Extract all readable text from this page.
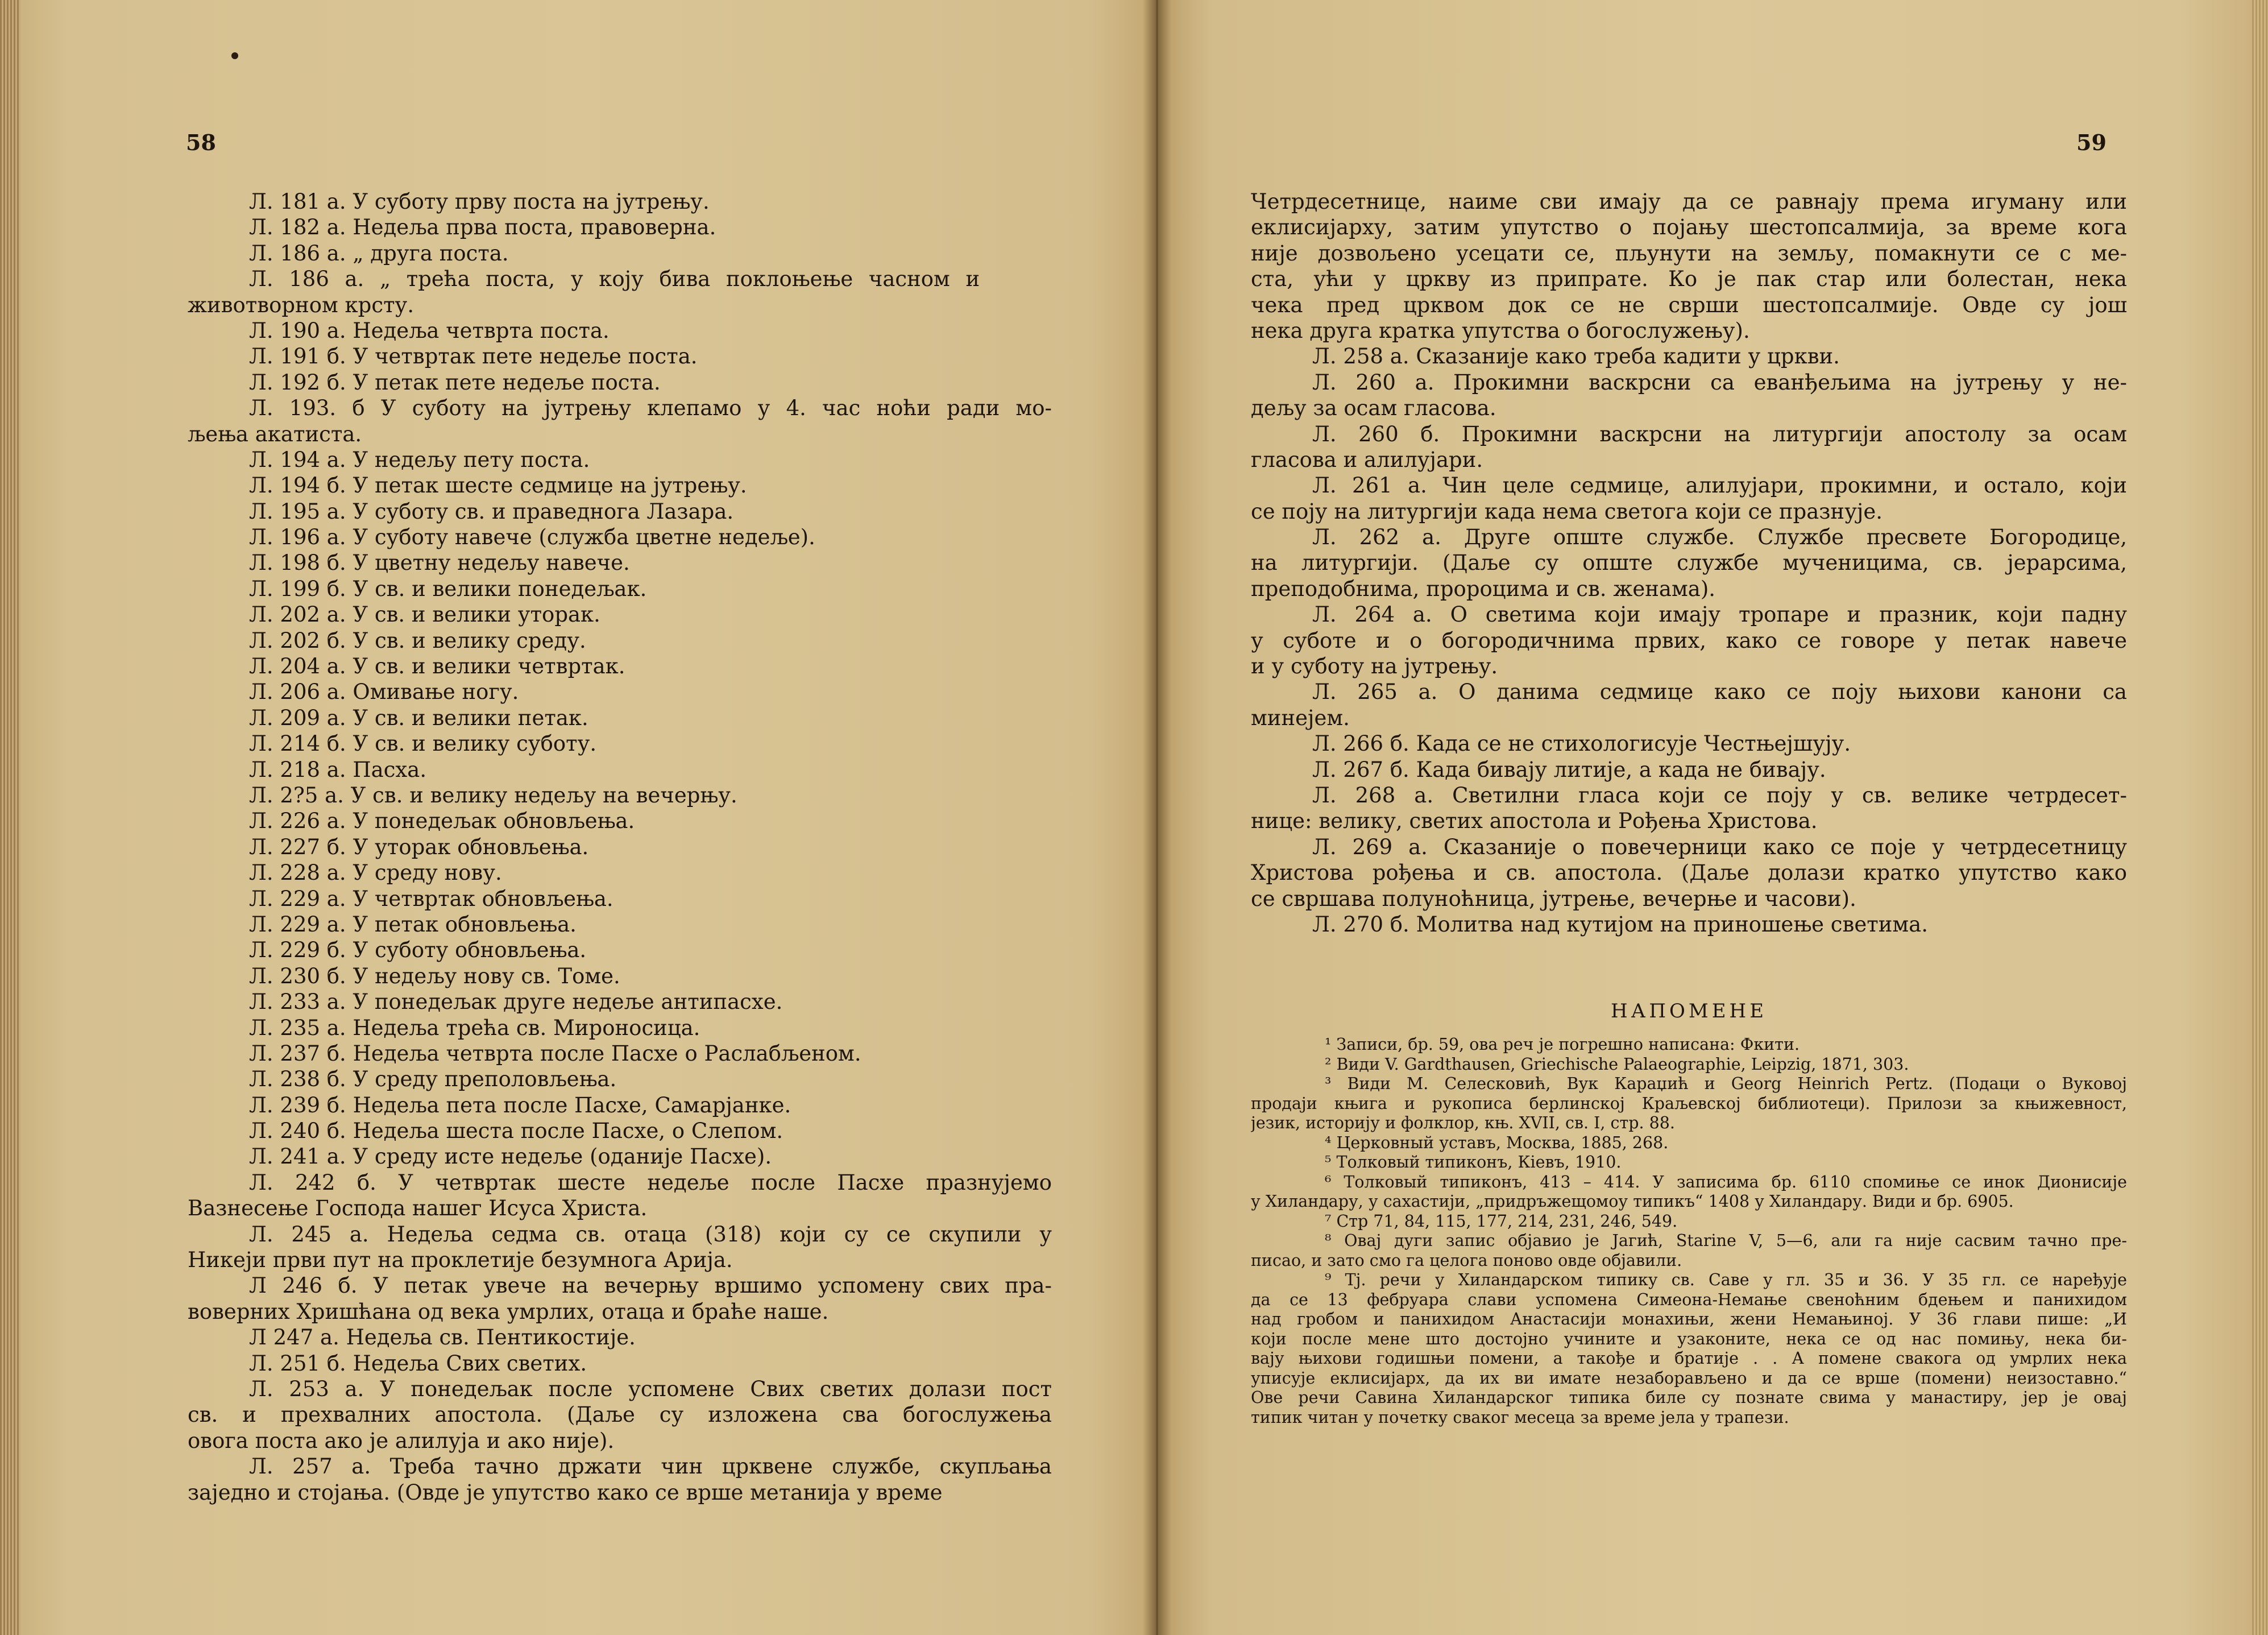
58
Л. 181 а. У суботу прву поста на јутрењу.
Л. 182 а. Недеља прва поста, правоверна.
Л. 186 а. „ друга поста.
Л. 186 а. „ трећа поста, у коју бива поклоњење часном и
животворном крсту.
Л. 190 а. Недеља четврта поста.
Л. 191 б. У четвртак пете недеље поста.
Л. 192 б. У петак пете недеље поста.
Л. 193. б У суботу на јутрењу клепамо у 4. час ноћи ради мо-
љења акатиста.
Л. 194 а. У недељу пету поста.
Л. 194 б. У петак шесте седмице на јутрењу.
Л. 195 а. У суботу св. и праведнога Лазара.
Л. 196 а. У суботу навече (служба цветне недеље).
Л. 198 б. У цветну недељу навече.
Л. 199 б. У св. и велики понедељак.
Л. 202 а. У св. и велики уторак.
Л. 202 б. У св. и велику среду.
Л. 204 а. У св. и велики четвртак.
Л. 206 а. Омивање ногу.
Л. 209 а. У св. и велики петак.
Л. 214 б. У св. и велику суботу.
Л. 218 а. Пасха.
Л. 2?5 а. У св. и велику недељу на вечерњу.
Л. 226 а. У понедељак обновљења.
Л. 227 б. У уторак обновљења.
Л. 228 а. У среду нову.
Л. 229 а. У четвртак обновљења.
Л. 229 а. У петак обновљења.
Л. 229 б. У суботу обновљења.
Л. 230 б. У недељу нову св. Томе.
Л. 233 а. У понедељак друге недеље антипасхе.
Л. 235 а. Недеља трећа св. Мироносица.
Л. 237 б. Недеља четврта после Пасхе о Раслабљеном.
Л. 238 б. У среду преполовљења.
Л. 239 б. Недеља пета после Пасхе, Самарјанке.
Л. 240 б. Недеља шеста после Пасхе, о Слепом.
Л. 241 а. У среду исте недеље (оданије Пасхе).
Л. 242 б. У четвртак шесте недеље после Пасхе празнујемо
Вазнесење Господа нашег Исуса Христа.
Л. 245 а. Недеља седма св. отаца (318) који су се скупили у
Никеји први пут на проклетије безумнога Арија.
Л 246 б. У петак увече на вечерњу вршимо успомену свих пра-
воверних Хришћана од века умрлих, отаца и браће наше.
Л 247 а. Недеља св. Пентикостије.
Л. 251 б. Недеља Свих светих.
Л. 253 а. У понедељак после успомене Свих светих долази пост
св. и прехвалних апостола. (Даље су изложена сва богослужења
овога поста ако је алилуја и ако није).
Л. 257 а. Треба тачно држати чин црквене службе, скупљања
заједно и стојања. (Овде је упутство како се врше метанија у време
59
Четрдесетнице, наиме сви имају да се равнају према игуману или
еклисијарху, затим упутство о појању шестопсалмија, за време кога
није дозвољено усецати се, пљунути на земљу, помакнути се с ме-
ста, ући у цркву из припрате. Ко је пак стар или болестан, нека
чека пред црквом док се не сврши шестопсалмије. Овде су још
нека друга кратка упутства о богослужењу).
Л. 258 а. Сказаније како треба кадити у цркви.
Л. 260 а. Прокимни васкрсни са еванђељима на јутрењу у не-
дељу за осам гласова.
Л. 260 б. Прокимни васкрсни на литургији апостолу за осам
гласова и алилујари.
Л. 261 а. Чин целе седмице, алилујари, прокимни, и остало, који
се поју на литургији када нема светога који се празнује.
Л. 262 а. Друге опште службе. Службе пресвете Богородице,
на литургији. (Даље су опште службе мученицима, св. јерарсима,
преподобнима, пророцима и св. женама).
Л. 264 а. О светима који имају тропаре и празник, који падну
у суботе и о богородичнима првих, како се говоре у петак навече
и у суботу на јутрењу.
Л. 265 а. О данима седмице како се поју њихови канони са
минејем.
Л. 266 б. Када се не стихологисује Честњејшују.
Л. 267 б. Када бивају литије, а када не бивају.
Л. 268 а. Светилни гласа који се поју у св. велике четрдесет-
нице: велику, светих апостола и Рођења Христова.
Л. 269 а. Сказаније о повечерници како се поје у четрдесетницу
Христова рођења и св. апостола. (Даље долази кратко упутство како
се свршава полуноћница, јутрење, вечерње и часови).
Л. 270 б. Молитва над кутијом на приношење светима.
НАПОМЕНЕ
¹ Записи, бр. 59, ова реч је погрешно написана: Фкити.
² Види V. Gardthausen, Griechische Palaeographie, Leipzig, 1871, 303.
³ Види М. Селесковић, Вук Караџић и Georg Heinrich Pertz. (Подаци о Вуковој
продаји књига и рукописа берлинској Краљевској библиотеци). Прилози за књижевност,
језик, историју и фолклор, књ. XVII, св. I, стр. 88.
⁴ Церковный уставъ, Москва, 1885, 268.
⁵ Толковый типиконъ, Кіевъ, 1910.
⁶ Толковый типиконъ, 413 – 414. У записима бр. 6110 спомиње се инок Дионисије
у Хиландару, у сахастији, „придръжещомоу типикъ“ 1408 у Хиландару. Види и бр. 6905.
⁷ Стр 71, 84, 115, 177, 214, 231, 246, 549.
⁸ Овај дуги запис објавио је Jагић, Starine V, 5—6, али га није сасвим тачно пре-
писао, и зато смо га целога поново овде објавили.
⁹ Тј. речи у Хиландарском типику св. Саве у гл. 35 и 36. У 35 гл. се наређује
да се 13 фебруара слави успомена Симеона-Немање свеноћним бдењем и панихидом
над гробом и панихидом Анастасији монахињи, жени Немањиној. У 36 глави пише: „И
који после мене што достојно учините и узаконите, нека се од нас помињу, нека би-
вају њихови годишњи помени, а такође и братије . . А помене свакога од умрлих нека
уписује еклисијарх, да их ви имате незаборављено и да се врше (помени) неизоставно.“
Ове речи Савина Хиландарског типика биле су познате свима у манастиру, јер је овај
типик читан у почетку сваког месеца за време јела у трапези.
